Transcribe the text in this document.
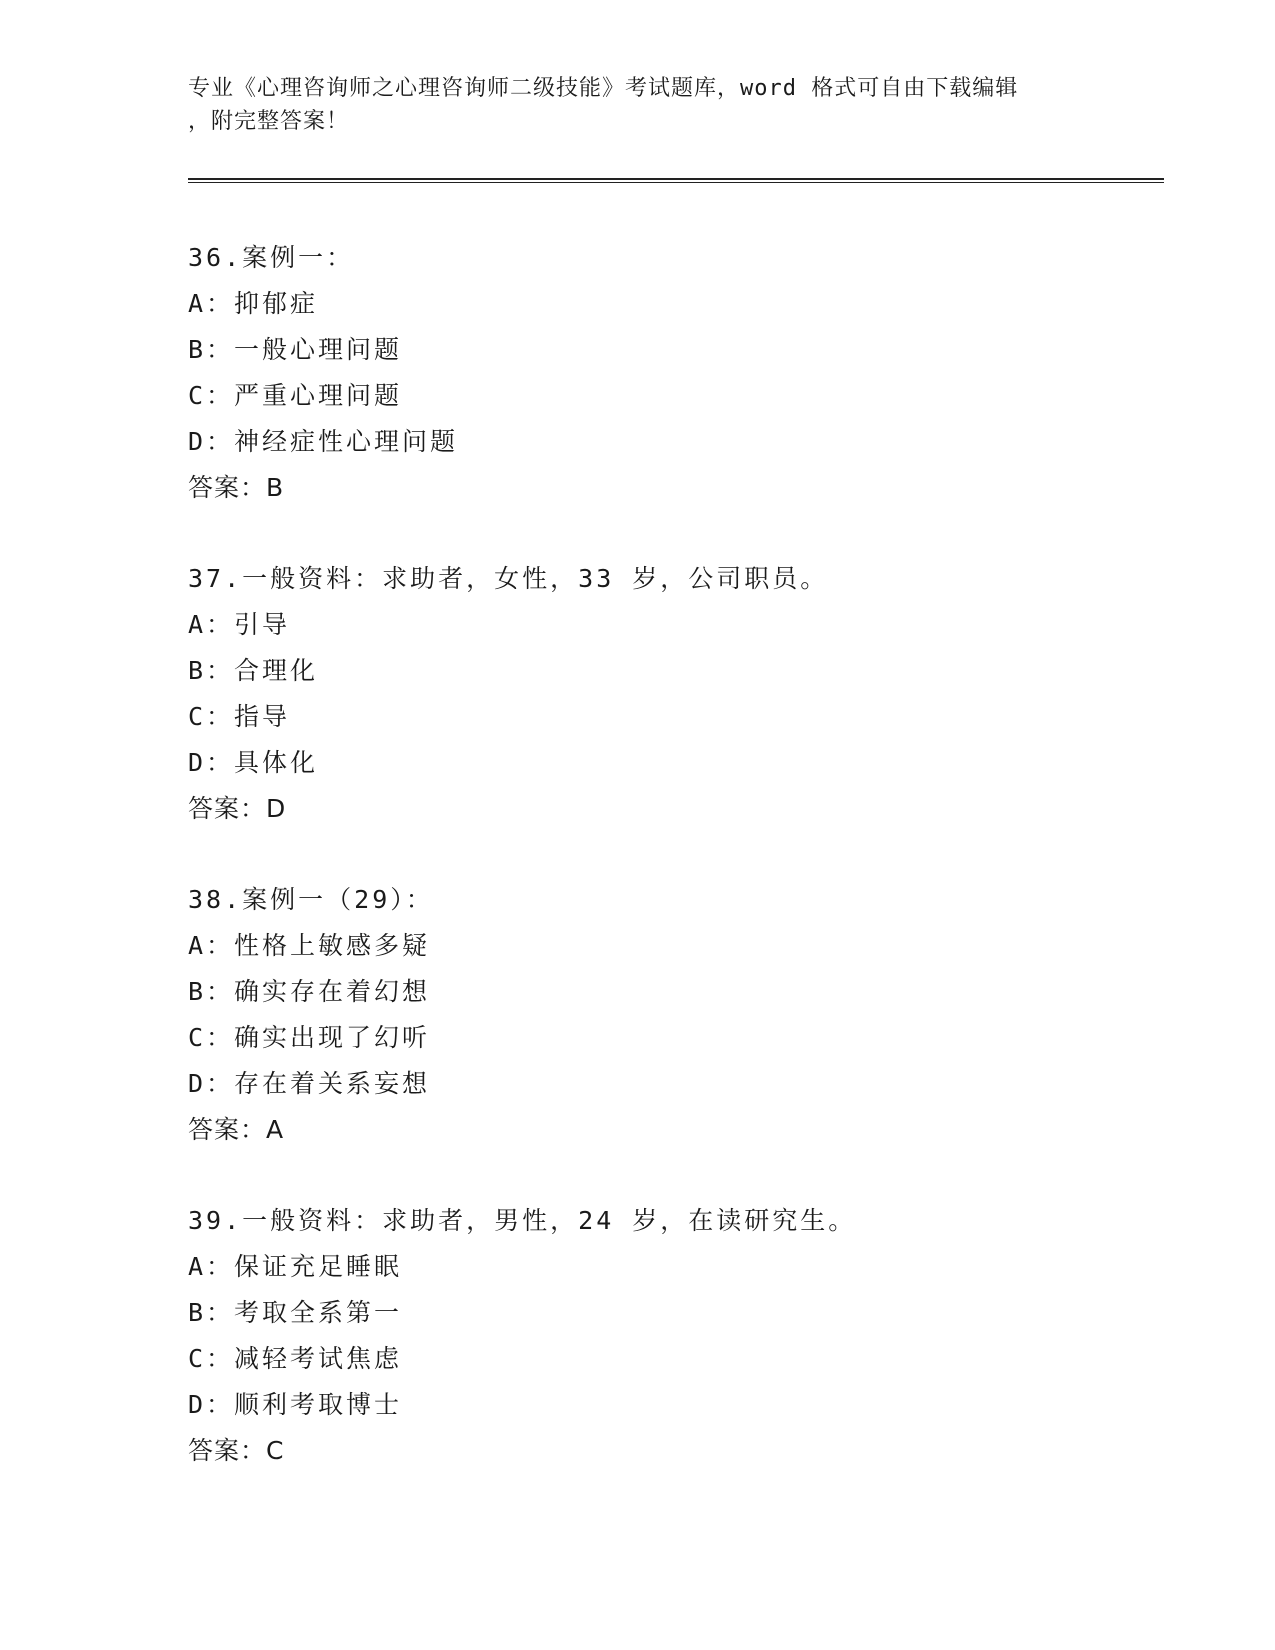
专业《心理咨询师之心理咨询师二级技能》考试题库，word 格式可自由下载编辑
，附完整答案！
36.案例一：
A：抑郁症
B：一般心理问题
C：严重心理问题
D：神经症性心理问题
答案：B
37.一般资料：求助者，女性，33 岁，公司职员。
A：引导
B：合理化
C：指导
D：具体化
答案：D
38.案例一（29）：
A：性格上敏感多疑
B：确实存在着幻想
C：确实出现了幻听
D：存在着关系妄想
答案：A
39.一般资料：求助者，男性，24 岁，在读研究生。
A：保证充足睡眠
B：考取全系第一
C：减轻考试焦虑
D：顺利考取博士
答案：C
